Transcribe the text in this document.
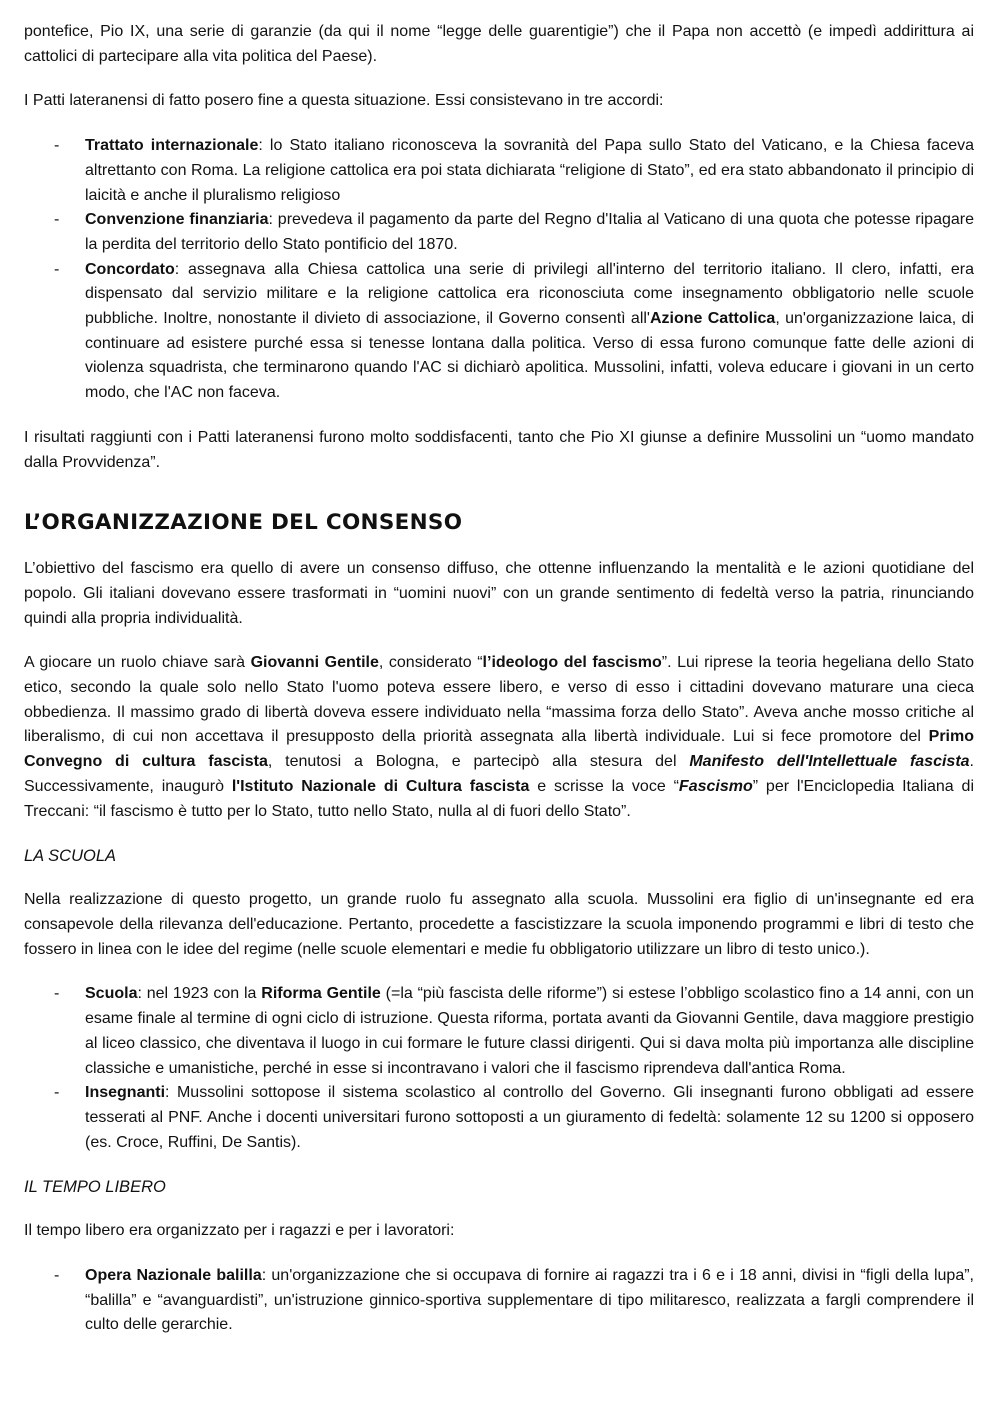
pontefice, Pio IX, una serie di garanzie (da qui il nome “legge delle guarentigie”) che il Papa non accettò (e impedì addirittura ai cattolici di partecipare alla vita politica del Paese).

I Patti lateranensi di fatto posero fine a questa situazione. Essi consistevano in tre accordi:

- Trattato internazionale: lo Stato italiano riconosceva la sovranità del Papa sullo Stato del Vaticano, e la Chiesa faceva altrettanto con Roma. La religione cattolica era poi stata dichiarata “religione di Stato”, ed era stato abbandonato il principio di laicità e anche il pluralismo religioso
- Convenzione finanziaria: prevedeva il pagamento da parte del Regno d'Italia al Vaticano di una quota che potesse ripagare la perdita del territorio dello Stato pontificio del 1870.
- Concordato: assegnava alla Chiesa cattolica una serie di privilegi all'interno del territorio italiano. Il clero, infatti, era dispensato dal servizio militare e la religione cattolica era riconosciuta come insegnamento obbligatorio nelle scuole pubbliche. Inoltre, nonostante il divieto di associazione, il Governo consentì all'Azione Cattolica, un'organizzazione laica, di continuare ad esistere purché essa si tenesse lontana dalla politica. Verso di essa furono comunque fatte delle azioni di violenza squadrista, che terminarono quando l'AC si dichiarò apolitica. Mussolini, infatti, voleva educare i giovani in un certo modo, che l'AC non faceva.

I risultati raggiunti con i Patti lateranensi furono molto soddisfacenti, tanto che Pio XI giunse a definire Mussolini un “uomo mandato dalla Provvidenza”.

L’ORGANIZZAZIONE DEL CONSENSO

L’obiettivo del fascismo era quello di avere un consenso diffuso, che ottenne influenzando la mentalità e le azioni quotidiane del popolo. Gli italiani dovevano essere trasformati in “uomini nuovi” con un grande sentimento di fedeltà verso la patria, rinunciando quindi alla propria individualità.

A giocare un ruolo chiave sarà Giovanni Gentile, considerato “l’ideologo del fascismo”. Lui riprese la teoria hegeliana dello Stato etico, secondo la quale solo nello Stato l'uomo poteva essere libero, e verso di esso i cittadini dovevano maturare una cieca obbedienza. Il massimo grado di libertà doveva essere individuato nella “massima forza dello Stato”. Aveva anche mosso critiche al liberalismo, di cui non accettava il presupposto della priorità assegnata alla libertà individuale. Lui si fece promotore del Primo Convegno di cultura fascista, tenutosi a Bologna, e partecipò alla stesura del Manifesto dell'Intellettuale fascista. Successivamente, inaugurò l'Istituto Nazionale di Cultura fascista e scrisse la voce “Fascismo” per l'Enciclopedia Italiana di Treccani: “il fascismo è tutto per lo Stato, tutto nello Stato, nulla al di fuori dello Stato”.

LA SCUOLA

Nella realizzazione di questo progetto, un grande ruolo fu assegnato alla scuola. Mussolini era figlio di un'insegnante ed era consapevole della rilevanza dell'educazione. Pertanto, procedette a fascistizzare la scuola imponendo programmi e libri di testo che fossero in linea con le idee del regime (nelle scuole elementari e medie fu obbligatorio utilizzare un libro di testo unico.).

- Scuola: nel 1923 con la Riforma Gentile (=la “più fascista delle riforme”) si estese l’obbligo scolastico fino a 14 anni, con un esame finale al termine di ogni ciclo di istruzione. Questa riforma, portata avanti da Giovanni Gentile, dava maggiore prestigio al liceo classico, che diventava il luogo in cui formare le future classi dirigenti. Qui si dava molta più importanza alle discipline classiche e umanistiche, perché in esse si incontravano i valori che il fascismo riprendeva dall'antica Roma.
- Insegnanti: Mussolini sottopose il sistema scolastico al controllo del Governo. Gli insegnanti furono obbligati ad essere tesserati al PNF. Anche i docenti universitari furono sottoposti a un giuramento di fedeltà: solamente 12 su 1200 si opposero (es. Croce, Ruffini, De Santis).
IL TEMPO LIBERO

Il tempo libero era organizzato per i ragazzi e per i lavoratori:

- Opera Nazionale balilla: un'organizzazione che si occupava di fornire ai ragazzi tra i 6 e i 18 anni, divisi in “figli della lupa”, “balilla” e “avanguardisti”, un'istruzione ginnico-sportiva supplementare di tipo militaresco, realizzata a fargli comprendere il culto delle gerarchie.
